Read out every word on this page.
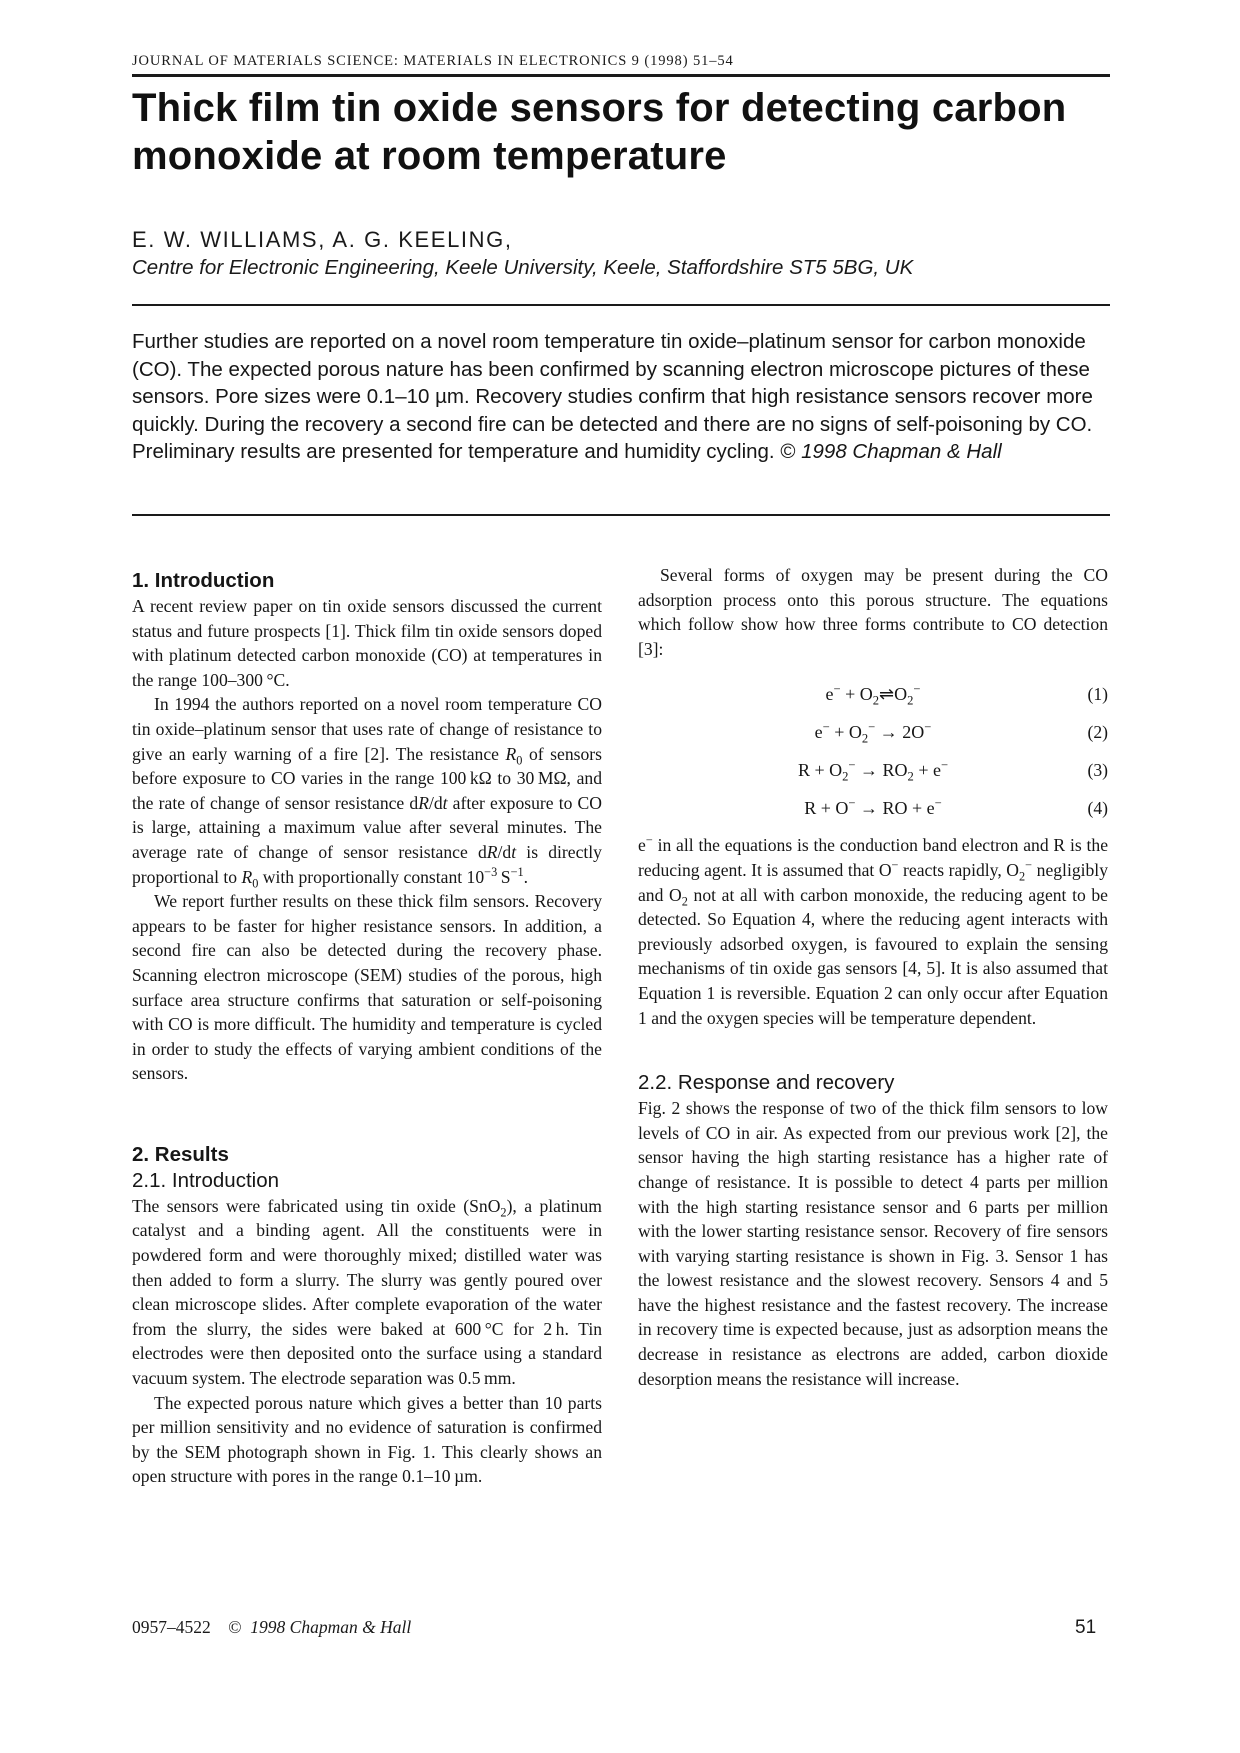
JOURNAL OF MATERIALS SCIENCE: MATERIALS IN ELECTRONICS 9 (1998) 51–54
Thick film tin oxide sensors for detecting carbon
monoxide at room temperature
E. W. WILLIAMS, A. G. KEELING,
Centre for Electronic Engineering, Keele University, Keele, Staffordshire ST5 5BG, UK
Further studies are reported on a novel room temperature tin oxide–platinum sensor for carbon monoxide (CO). The expected porous nature has been confirmed by scanning electron microscope pictures of these sensors. Pore sizes were 0.1–10 µm. Recovery studies confirm that high resistance sensors recover more quickly. During the recovery a second fire can be detected and there are no signs of self-poisoning by CO. Preliminary results are presented for temperature and humidity cycling. © 1998 Chapman & Hall
1. Introduction

A recent review paper on tin oxide sensors discussed the current status and future prospects [1]. Thick film tin oxide sensors doped with platinum detected carbon monoxide (CO) at temperatures in the range 100–300 °C.

In 1994 the authors reported on a novel room temperature CO tin oxide–platinum sensor that uses rate of change of resistance to give an early warning of a fire [2]. The resistance $R_0$ of sensors before exposure to CO varies in the range 100 kΩ to 30 MΩ, and the rate of change of sensor resistance dR/dt after exposure to CO is large, attaining a maximum value after several minutes. The average rate of change of sensor resistance dR/dt is directly proportional to $R_0$ with proportionally constant $10^{-3}$ $S^{-1}$.

We report further results on these thick film sensors. Recovery appears to be faster for higher resistance sensors. In addition, a second fire can also be detected during the recovery phase. Scanning electron microscope (SEM) studies of the porous, high surface area structure confirms that saturation or self-poisoning with CO is more difficult. The humidity and temperature is cycled in order to study the effects of varying ambient conditions of the sensors.

2. Results
2.1. Introduction

The sensors were fabricated using tin oxide (SnO$_2$), a platinum catalyst and a binding agent. All the constituents were in powdered form and were thoroughly mixed; distilled water was then added to form a slurry. The slurry was gently poured over clean microscope slides. After complete evaporation of the water from the slurry, the sides were baked at 600 °C for 2 h. Tin electrodes were then deposited onto the surface using a standard vacuum system. The electrode separation was 0.5 mm.

The expected porous nature which gives a better than 10 parts per million sensitivity and no evidence of saturation is confirmed by the SEM photograph shown in Fig. 1. This clearly shows an open structure with pores in the range 0.1–10 µm.

Several forms of oxygen may be present during the CO adsorption process onto this porous structure. The equations which follow show how three forms contribute to CO detection [3]:

$e^- + O_2\rightleftharpoons O_2^-$	(1)
$e^- + O_2^- \to 2O^-$	(2)
$R + O_2^- \to RO_2 + e^-$	(3)
R + O− → RO + e−	(4)

e− in all the equations is the conduction band electron and R is the reducing agent. It is assumed that O− reacts rapidly, $O_2^-$ negligibly and $O_2$ not at all with carbon monoxide, the reducing agent to be detected. So Equation 4, where the reducing agent interacts with previously adsorbed oxygen, is favoured to explain the sensing mechanisms of tin oxide gas sensors [4, 5]. It is also assumed that Equation 1 is reversible. Equation 2 can only occur after Equation 1 and the oxygen species will be temperature dependent.

2.2. Response and recovery

Fig. 2 shows the response of two of the thick film sensors to low levels of CO in air. As expected from our previous work [2], the sensor having the high starting resistance has a higher rate of change of resistance. It is possible to detect 4 parts per million with the high starting resistance sensor and 6 parts per million with the lower starting resistance sensor. Recovery of fire sensors with varying starting resistance is shown in Fig. 3. Sensor 1 has the lowest resistance and the slowest recovery. Sensors 4 and 5 have the highest resistance and the fastest recovery. The increase in recovery time is expected because, just as adsorption means the decrease in resistance as electrons are added, carbon dioxide desorption means the resistance will increase.

0957–4522 © 1998 Chapman & Hall	51
